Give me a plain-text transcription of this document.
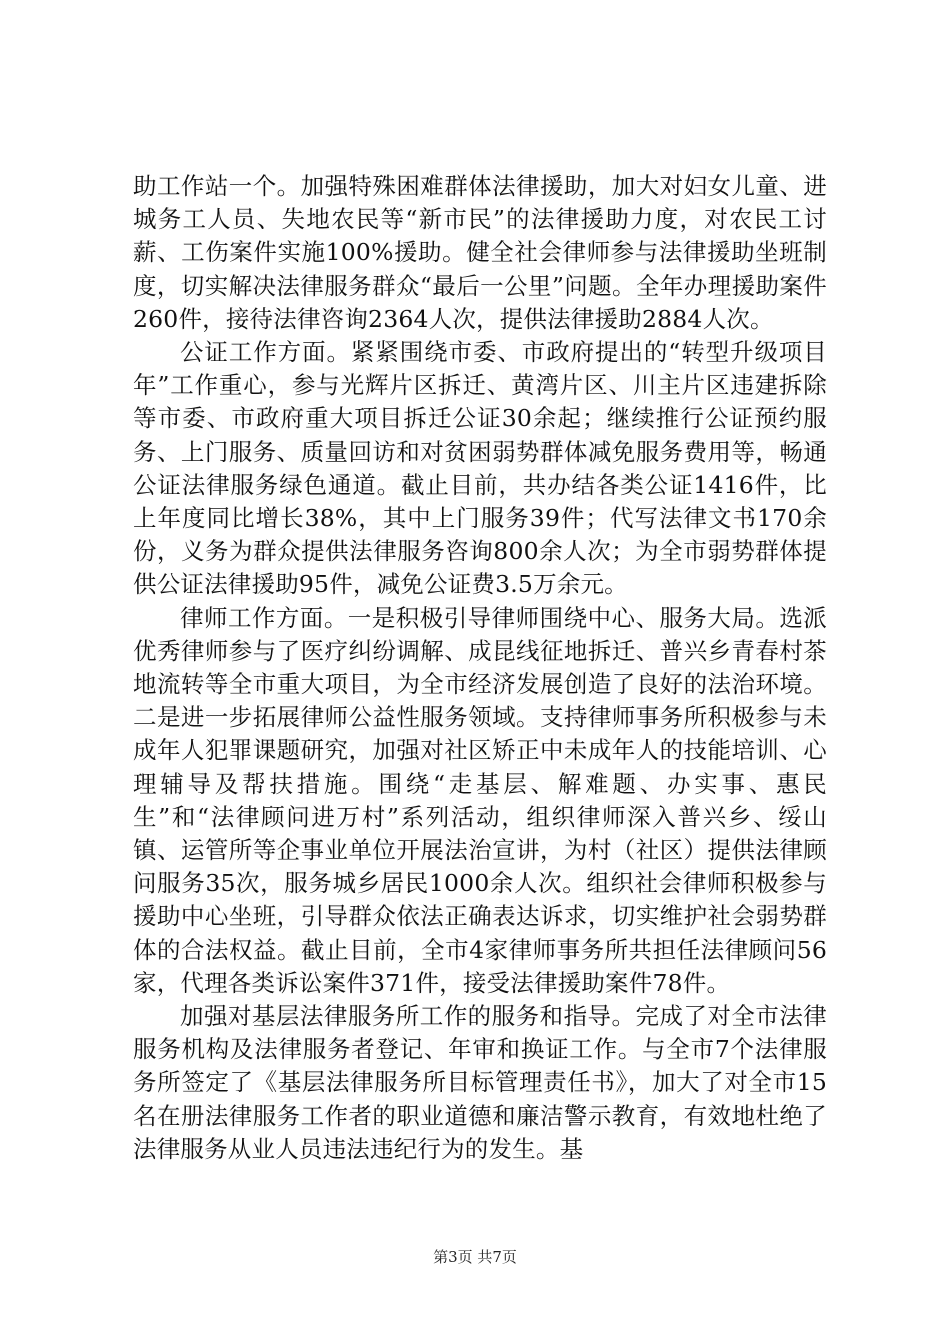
助工作站一个。加强特殊困难群体法律援助，加大对妇女儿童、进城务工人员、失地农民等“新市民”的法律援助力度，对农民工讨薪、工伤案件实施100%援助。健全社会律师参与法律援助坐班制度，切实解决法律服务群众“最后一公里”问题。全年办理援助案件260件，接待法律咨询2364人次，提供法律援助2884人次。

公证工作方面。紧紧围绕市委、市政府提出的“转型升级项目年”工作重心，参与光辉片区拆迁、黄湾片区、川主片区违建拆除等市委、市政府重大项目拆迁公证30余起；继续推行公证预约服务、上门服务、质量回访和对贫困弱势群体减免服务费用等，畅通公证法律服务绿色通道。截止目前，共办结各类公证1416件，比上年度同比增长38%，其中上门服务39件；代写法律文书170余份，义务为群众提供法律服务咨询800余人次；为全市弱势群体提供公证法律援助95件，减免公证费3.5万余元。

律师工作方面。一是积极引导律师围绕中心、服务大局。选派优秀律师参与了医疗纠纷调解、成昆线征地拆迁、普兴乡青春村茶地流转等全市重大项目，为全市经济发展创造了良好的法治环境。二是进一步拓展律师公益性服务领域。支持律师事务所积极参与未成年人犯罪课题研究，加强对社区矫正中未成年人的技能培训、心理辅导及帮扶措施。围绕“走基层、解难题、办实事、惠民生”和“法律顾问进万村”系列活动，组织律师深入普兴乡、绥山镇、运管所等企事业单位开展法治宣讲，为村（社区）提供法律顾问服务35次，服务城乡居民1000余人次。组织社会律师积极参与援助中心坐班，引导群众依法正确表达诉求，切实维护社会弱势群体的合法权益。截止目前，全市4家律师事务所共担任法律顾问56家，代理各类诉讼案件371件，接受法律援助案件78件。

加强对基层法律服务所工作的服务和指导。完成了对全市法律服务机构及法律服务者登记、年审和换证工作。与全市7个法律服务所签定了《基层法律服务所目标管理责任书》，加大了对全市15名在册法律服务工作者的职业道德和廉洁警示教育，有效地杜绝了法律服务从业人员违法违纪行为的发生。基

第3页 共7页
